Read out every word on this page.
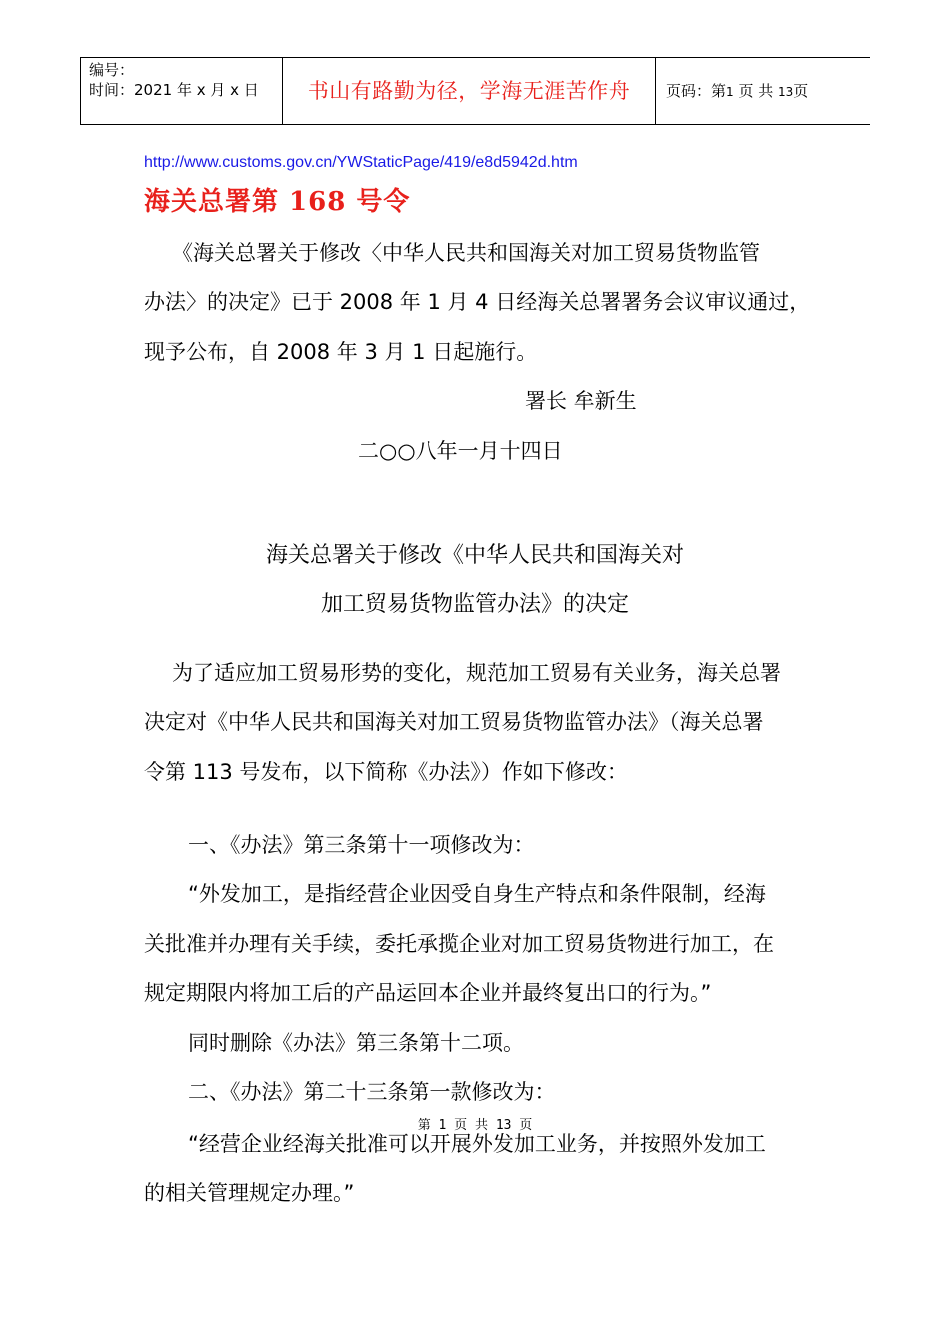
编号：
时间：2021 年 x 月 x 日	书山有路勤为径，学海无涯苦作舟	页码：第1 页 共 13页
http://www.customs.gov.cn/YWStaticPage/419/e8d5942d.htm
海关总署第 168 号令
《海关总署关于修改〈中华人民共和国海关对加工贸易货物监管
办法〉的决定》已于 2008 年 1 月 4 日经海关总署署务会议审议通过，
现予公布，自 2008 年 3 月 1 日起施行。
署长 牟新生
二○○八年一月十四日
海关总署关于修改《中华人民共和国海关对
加工贸易货物监管办法》的决定
为了适应加工贸易形势的变化，规范加工贸易有关业务，海关总署
决定对《中华人民共和国海关对加工贸易货物监管办法》（海关总署
令第 113 号发布，以下简称《办法》）作如下修改：
一、《办法》第三条第十一项修改为：
“外发加工，是指经营企业因受自身生产特点和条件限制，经海
关批准并办理有关手续，委托承揽企业对加工贸易货物进行加工，在
规定期限内将加工后的产品运回本企业并最终复出口的行为。”
同时删除《办法》第三条第十二项。
二、《办法》第二十三条第一款修改为：
第 1 页 共 13 页
“经营企业经海关批准可以开展外发加工业务，并按照外发加工
的相关管理规定办理。”
